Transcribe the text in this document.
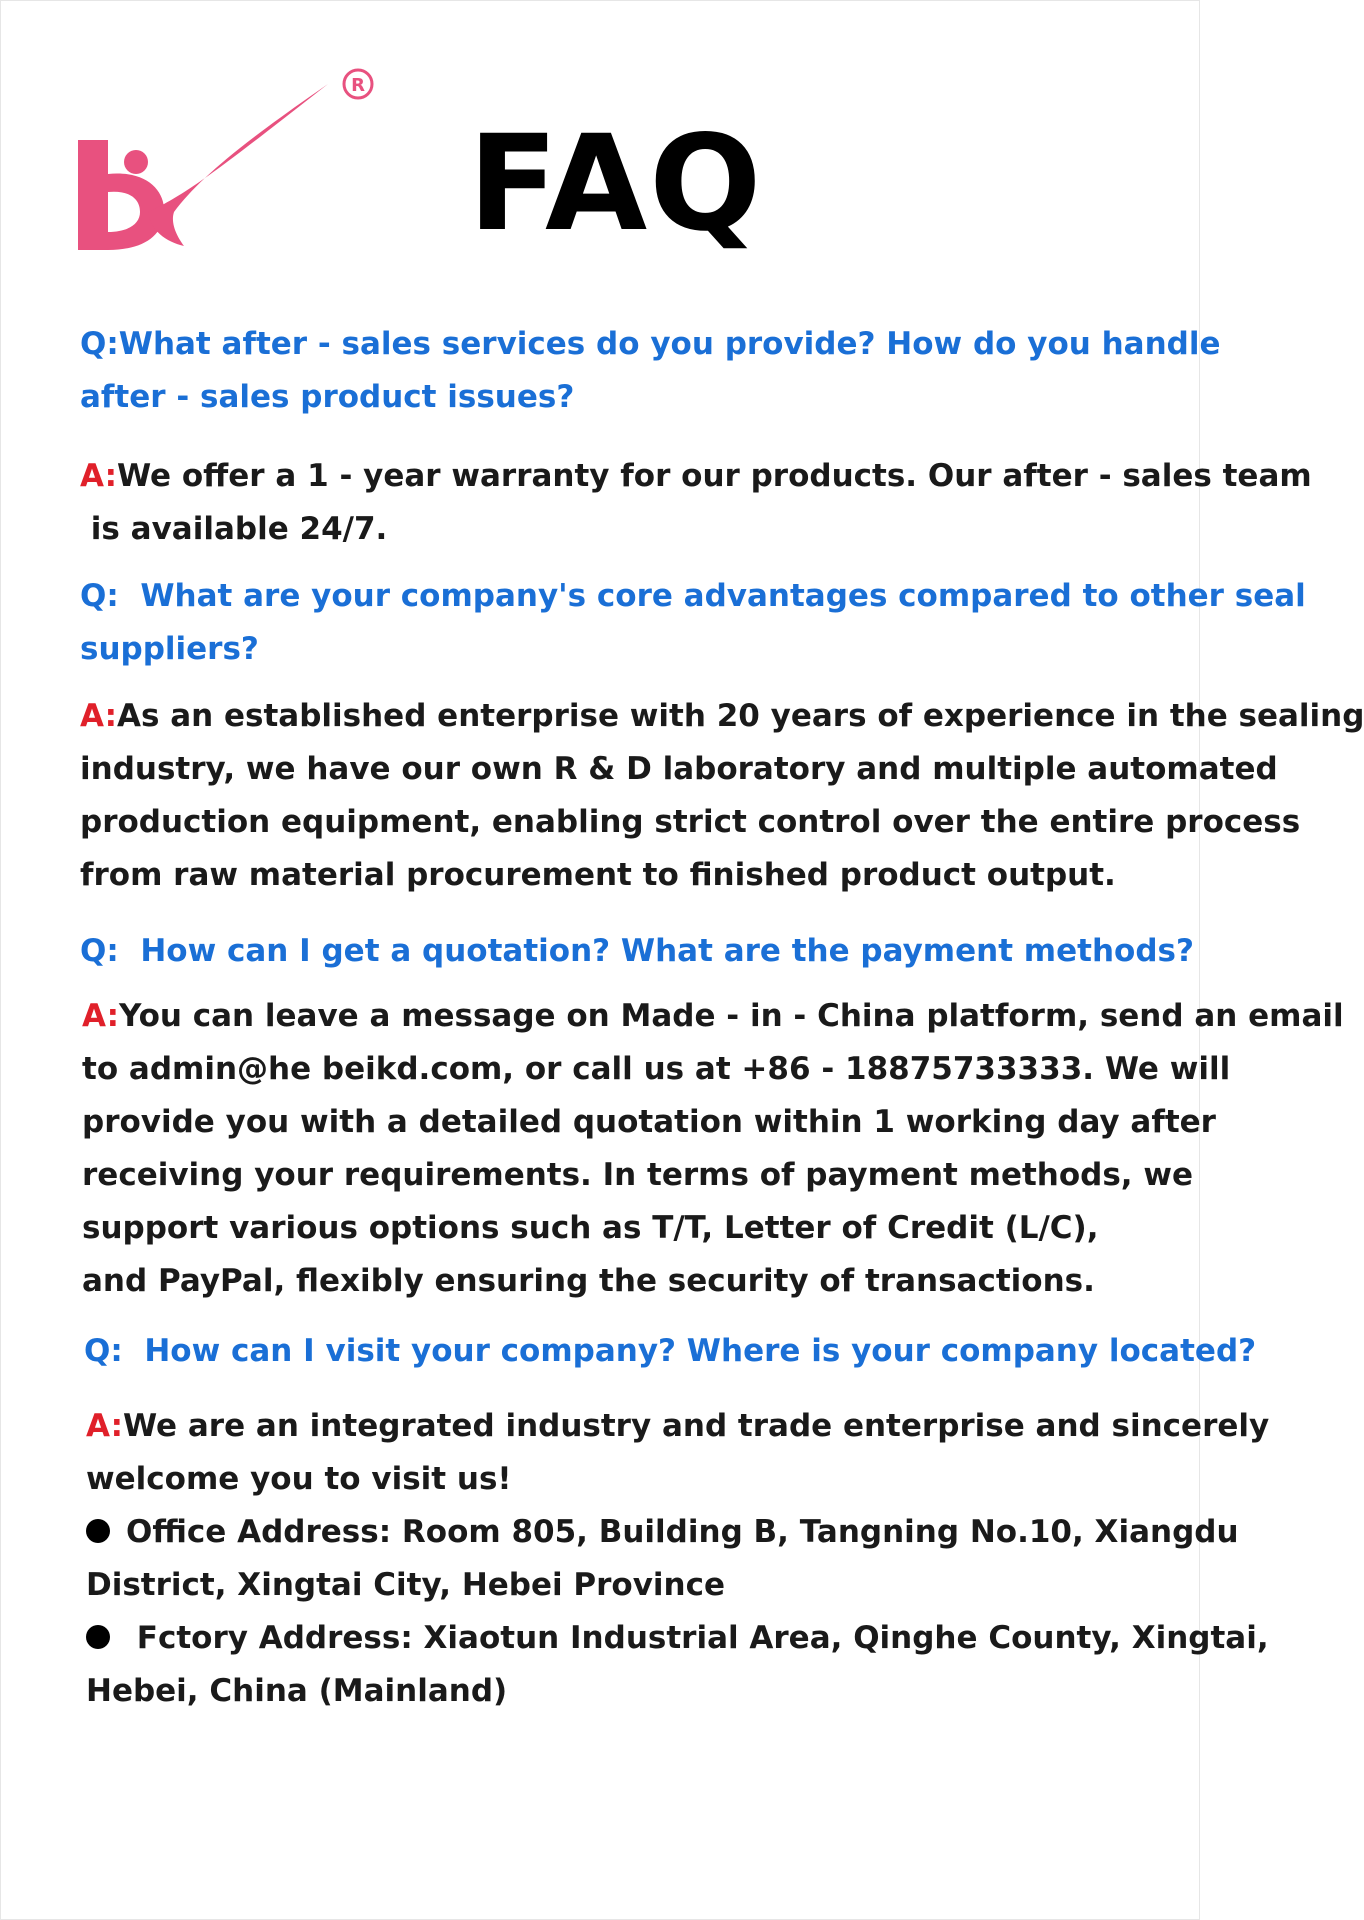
R
FAQ

Q:What after - sales services do you provide? How do you handle
after - sales product issues?

A:We offer a 1 - year warranty for our products. Our after - sales team
is available 24/7.

Q:  What are your company's core advantages compared to other seal
suppliers?

A:As an established enterprise with 20 years of experience in the sealing
industry, we have our own R & D laboratory and multiple automated
production equipment, enabling strict control over the entire process
from raw material procurement to finished product output.

Q:  How can I get a quotation? What are the payment methods?

A:You can leave a message on Made - in - China platform, send an email
to admin@he beikd.com, or call us at +86 - 18875733333. We will
provide you with a detailed quotation within 1 working day after
receiving your requirements. In terms of payment methods, we
support various options such as T/T, Letter of Credit (L/C),
and PayPal, flexibly ensuring the security of transactions.

Q:  How can I visit your company? Where is your company located?

A:We are an integrated industry and trade enterprise and sincerely
welcome you to visit us!
Office Address: Room 805, Building B, Tangning No.10, Xiangdu
District, Xingtai City, Hebei Province
Fctory Address: Xiaotun Industrial Area, Qinghe County, Xingtai,
Hebei, China (Mainland)
